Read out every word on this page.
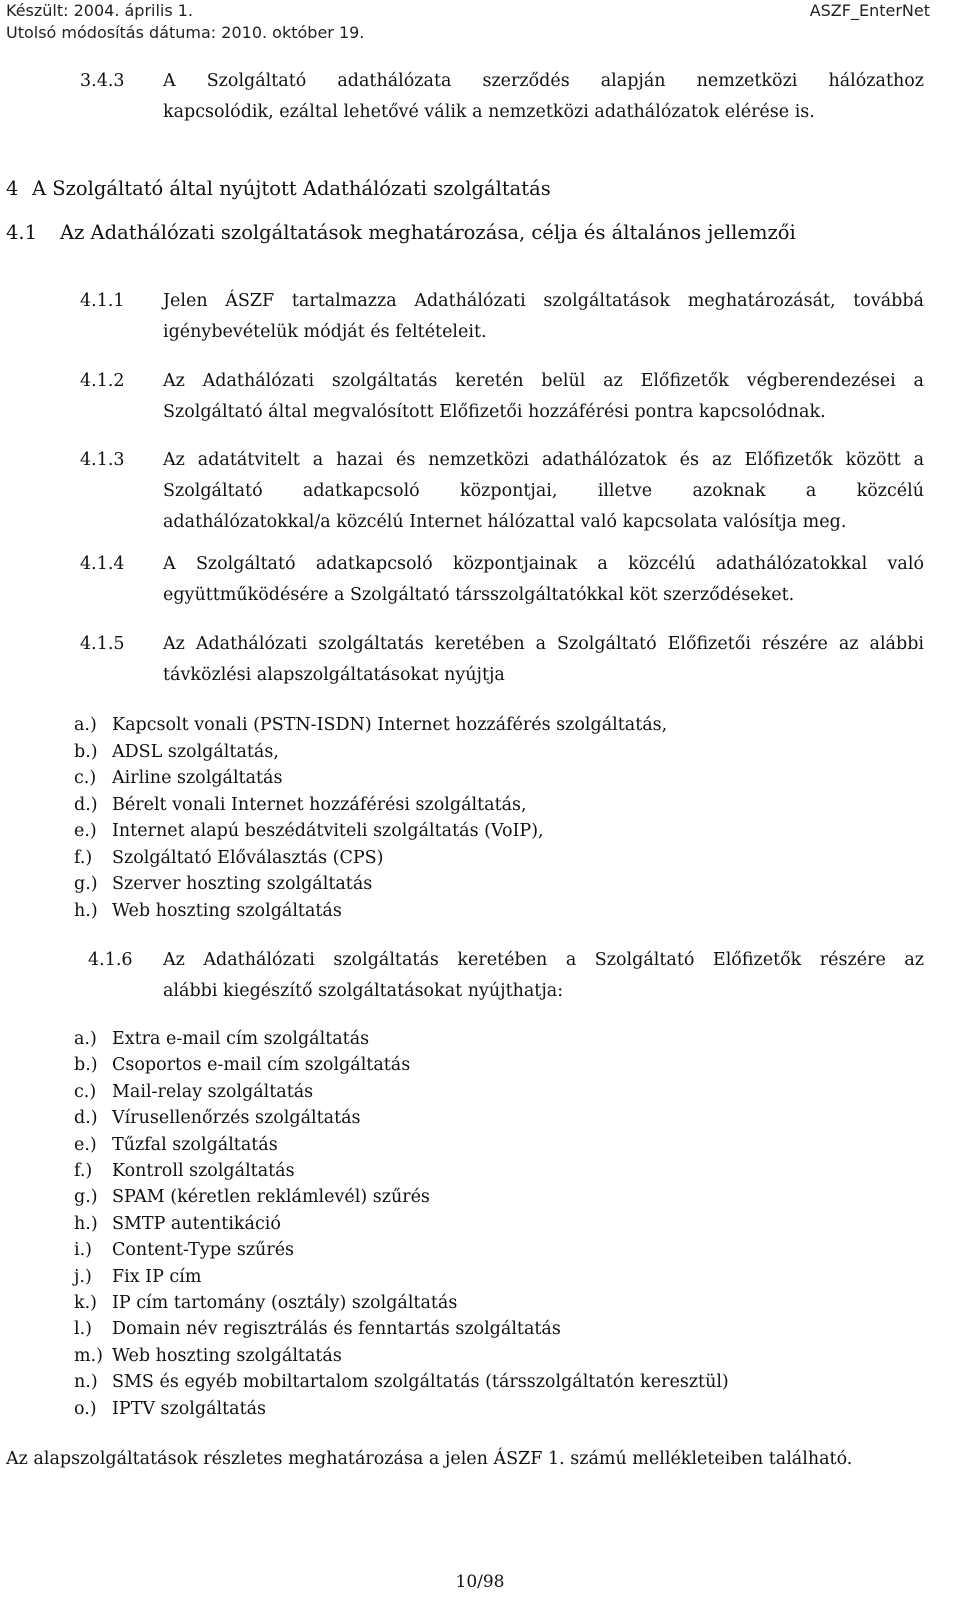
Készült: 2004. április 1.
Utolsó módosítás dátuma: 2010. október 19.
ASZF_EnterNet
3.4.3 A Szolgáltató adathálózata szerződés alapján nemzetközi hálózathoz
kapcsolódik, ezáltal lehetővé válik a nemzetközi adathálózatok elérése is.
4 A Szolgáltató által nyújtott Adathálózati szolgáltatás
4.1 Az Adathálózati szolgáltatások meghatározása, célja és általános jellemzői
4.1.1 Jelen ÁSZF tartalmazza Adathálózati szolgáltatások meghatározását, továbbá
igénybevételük módját és feltételeit.
4.1.2 Az Adathálózati szolgáltatás keretén belül az Előfizetők végberendezései a
Szolgáltató által megvalósított Előfizetői hozzáférési pontra kapcsolódnak.
4.1.3 Az adatátvitelt a hazai és nemzetközi adathálózatok és az Előfizetők között a
Szolgáltató adatkapcsoló központjai, illetve azoknak a közcélú
adathálózatokkal/a közcélú Internet hálózattal való kapcsolata valósítja meg.
4.1.4 A Szolgáltató adatkapcsoló központjainak a közcélú adathálózatokkal való
együttműködésére a Szolgáltató társszolgáltatókkal köt szerződéseket.
4.1.5 Az Adathálózati szolgáltatás keretében a Szolgáltató Előfizetői részére az alábbi
távközlési alapszolgáltatásokat nyújtja
a.) Kapcsolt vonali (PSTN-ISDN) Internet hozzáférés szolgáltatás,
b.) ADSL szolgáltatás,
c.) Airline szolgáltatás
d.) Bérelt vonali Internet hozzáférési szolgáltatás,
e.) Internet alapú beszédátviteli szolgáltatás (VoIP),
f.) Szolgáltató Előválasztás (CPS)
g.) Szerver hoszting szolgáltatás
h.) Web hoszting szolgáltatás
4.1.6 Az Adathálózati szolgáltatás keretében a Szolgáltató Előfizetők részére az
alábbi kiegészítő szolgáltatásokat nyújthatja:
a.) Extra e-mail cím szolgáltatás
b.) Csoportos e-mail cím szolgáltatás
c.) Mail-relay szolgáltatás
d.) Vírusellenőrzés szolgáltatás
e.) Tűzfal szolgáltatás
f.) Kontroll szolgáltatás
g.) SPAM (kéretlen reklámlevél) szűrés
h.) SMTP autentikáció
i.) Content-Type szűrés
j.) Fix IP cím
k.) IP cím tartomány (osztály) szolgáltatás
l.) Domain név regisztrálás és fenntartás szolgáltatás
m.) Web hoszting szolgáltatás
n.) SMS és egyéb mobiltartalom szolgáltatás (társszolgáltatón keresztül)
o.) IPTV szolgáltatás
Az alapszolgáltatások részletes meghatározása a jelen ÁSZF 1. számú mellékleteiben található.
10/98
